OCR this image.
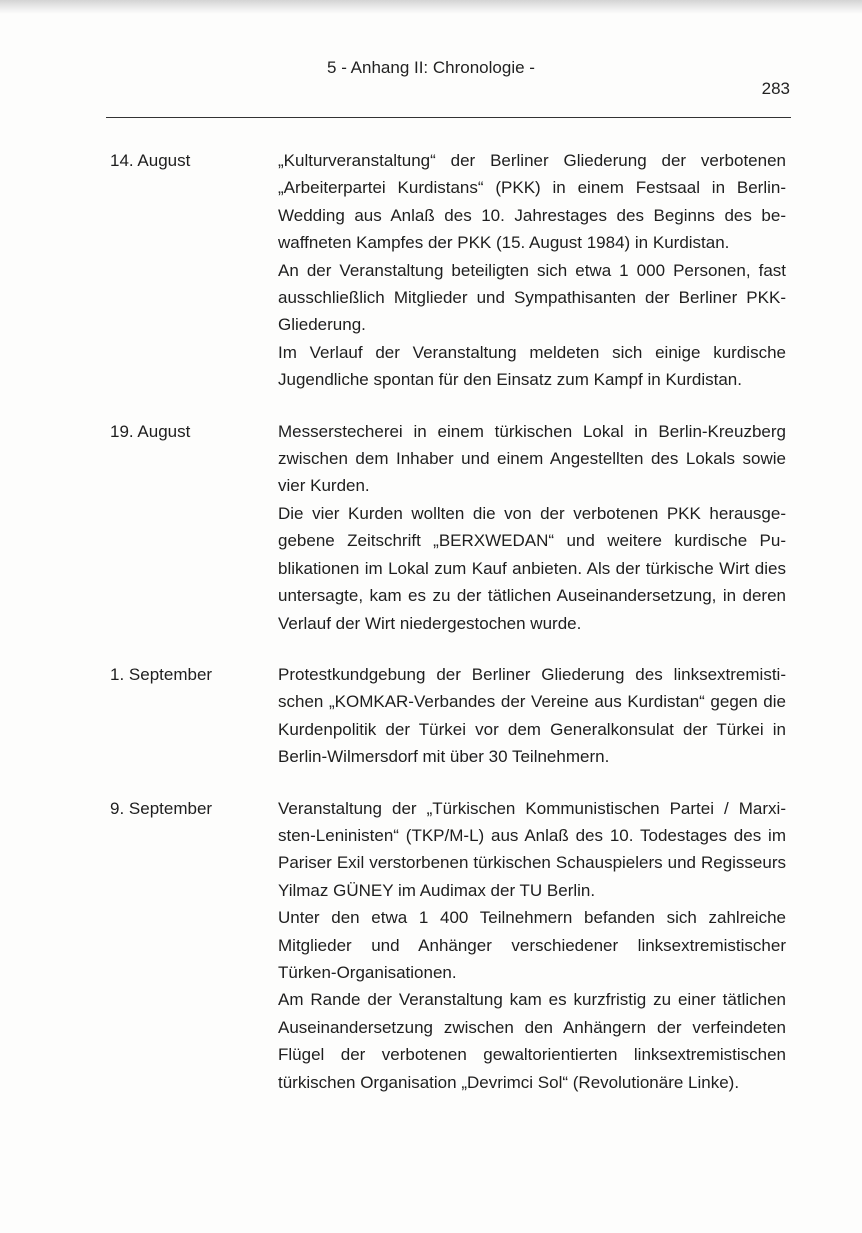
5 - Anhang II: Chronologie -
283
14. August	„Kulturveranstaltung“ der Berliner Gliederung der verbotenen „Arbeiterpartei Kurdistans“ (PKK) in einem Festsaal in Berlin-Wedding aus Anlaß des 10. Jahrestages des Beginns des bewaffneten Kampfes der PKK (15. August 1984) in Kurdistan.

An der Veranstaltung beteiligten sich etwa 1 000 Personen, fast ausschließlich Mitglieder und Sympathisanten der Berliner PKK-Gliederung.

Im Verlauf der Veranstaltung meldeten sich einige kurdische Jugendliche spontan für den Einsatz zum Kampf in Kurdistan.

19. August	Messerstecherei in einem türkischen Lokal in Berlin-Kreuzberg zwischen dem Inhaber und einem Angestellten des Lokals sowie vier Kurden.

Die vier Kurden wollten die von der verbotenen PKK herausgegebene Zeitschrift „BERXWEDAN“ und weitere kurdische Publikationen im Lokal zum Kauf anbieten. Als der türkische Wirt dies untersagte, kam es zu der tätlichen Auseinandersetzung, in deren Verlauf der Wirt niedergestochen wurde.

1. September	Protestkundgebung der Berliner Gliederung des linksextremistischen „KOMKAR-Verbandes der Vereine aus Kurdistan“ gegen die Kurdenpolitik der Türkei vor dem Generalkonsulat der Türkei in Berlin-Wilmersdorf mit über 30 Teilnehmern.

9. September	Veranstaltung der „Türkischen Kommunistischen Partei / Marxisten-Leninisten“ (TKP/M-L) aus Anlaß des 10. Todestages des im Pariser Exil verstorbenen türkischen Schauspielers und Regisseurs Yilmaz GÜNEY im Audimax der TU Berlin.

Unter den etwa 1 400 Teilnehmern befanden sich zahlreiche Mitglieder und Anhänger verschiedener linksextremistischer Türken-Organisationen.

Am Rande der Veranstaltung kam es kurzfristig zu einer tätlichen Auseinandersetzung zwischen den Anhängern der verfeindeten Flügel der verbotenen gewaltorientierten linksextremistischen türkischen Organisation „Devrimci Sol“ (Revolutionäre Linke).
